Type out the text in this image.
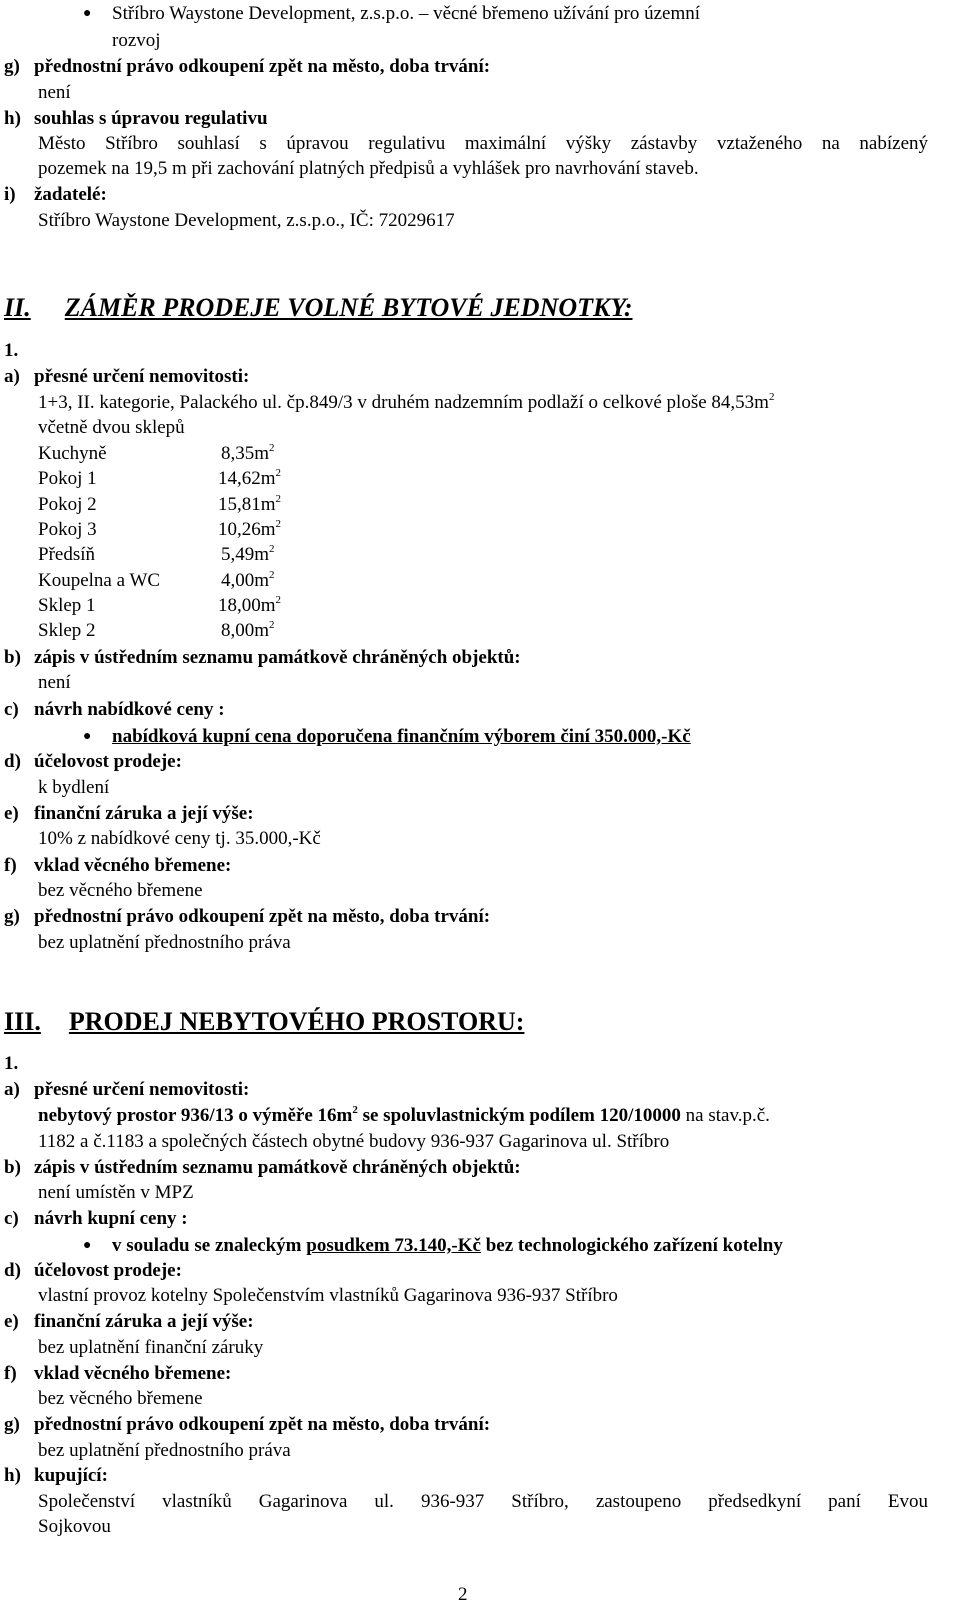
● Stříbro Waystone Development, z.s.p.o. – věcné břemeno užívání pro územní
rozvoj
g) přednostní právo odkoupení zpět na město, doba trvání:
není
h) souhlas s úpravou regulativu
Město Stříbro souhlasí s úpravou regulativu maximální výšky zástavby vztaženého na nabízený
pozemek na 19,5 m při zachování platných předpisů a vyhlášek pro navrhování staveb.
i) žadatelé:
Stříbro Waystone Development, z.s.p.o., IČ: 72029617
II. ZÁMĚR PRODEJE VOLNÉ BYTOVÉ JEDNOTKY:
1.
a) přesné určení nemovitosti:
1+3, II. kategorie, Palackého ul. čp.849/3 v druhém nadzemním podlaží o celkové ploše $84,53m^2$
včetně dvou sklepů
Kuchyně	$8,35m^2$
Pokoj 1	$14,62m^2$
Pokoj 2	$15,81m^2$
Pokoj 3	$10,26m^2$
Předsíň	$5,49m^2$
Koupelna a WC	$4,00m^2$
Sklep 1	$18,00m^2$
Sklep 2	$8,00m^2$
b) zápis v ústředním seznamu památkově chráněných objektů:
není
c) návrh nabídkové ceny :
● nabídková kupní cena doporučena finančním výborem činí 350.000,-Kč
d) účelovost prodeje:
k bydlení
e) finanční záruka a její výše:
10% z nabídkové ceny tj. 35.000,-Kč
f) vklad věcného břemene:
bez věcného břemene
g) přednostní právo odkoupení zpět na město, doba trvání:
bez uplatnění přednostního práva
III. PRODEJ NEBYTOVÉHO PROSTORU:
1.
a) přesné určení nemovitosti:
nebytový prostor 936/13 o výměře $16m^2$ se spoluvlastnickým podílem 120/10000 na stav.p.č.
1182 a č.1183 a společných částech obytné budovy 936-937 Gagarinova ul. Stříbro
b) zápis v ústředním seznamu památkově chráněných objektů:
není umístěn v MPZ
c) návrh kupní ceny :
● v souladu se znaleckým posudkem 73.140,-Kč bez technologického zařízení kotelny
d) účelovost prodeje:
vlastní provoz kotelny Společenstvím vlastníků Gagarinova 936-937 Stříbro
e) finanční záruka a její výše:
bez uplatnění finanční záruky
f) vklad věcného břemene:
bez věcného břemene
g) přednostní právo odkoupení zpět na město, doba trvání:
bez uplatnění přednostního práva
h) kupující:
Společenství vlastníků Gagarinova ul. 936-937 Stříbro, zastoupeno předsedkyní paní Evou
Sojkovou
2
